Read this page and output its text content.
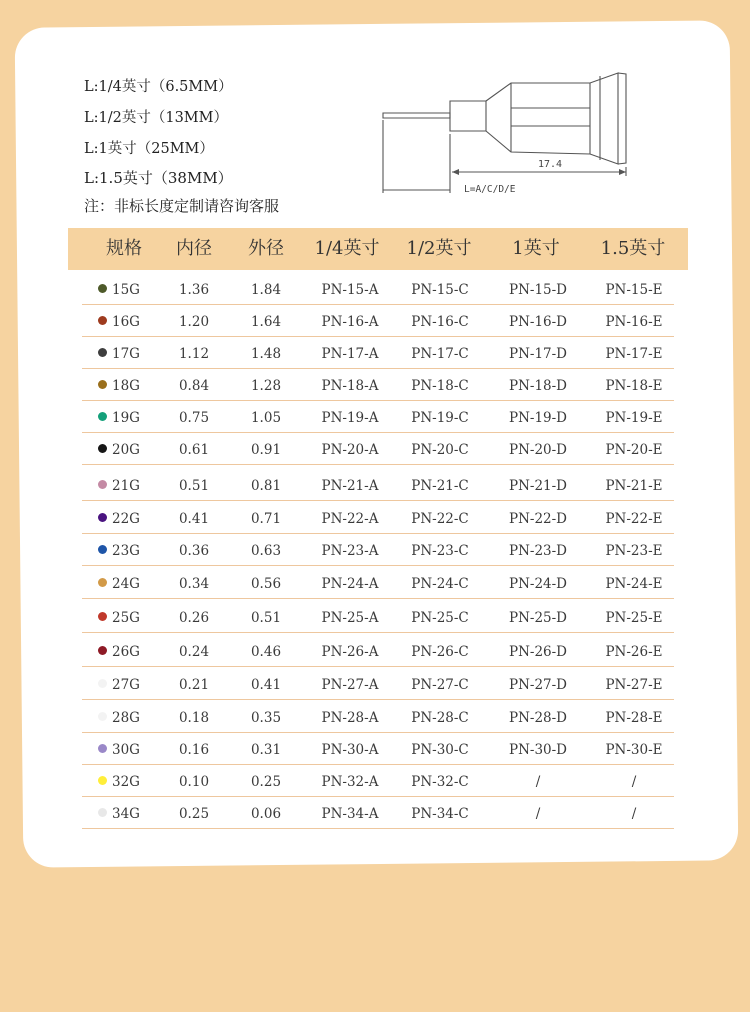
L:1/4英寸（6.5MM）
L:1/2英寸（13MM）
L:1英寸（25MM）
L:1.5英寸（38MM）
注：非标长度定制请咨询客服
17.4
L=A/C/D/E
规格	内径	外径	1/4英寸	1/2英寸	1英寸	1.5英寸
15G	1.36	1.84	PN-15-A	PN-15-C	PN-15-D	PN-15-E
16G	1.20	1.64	PN-16-A	PN-16-C	PN-16-D	PN-16-E
17G	1.12	1.48	PN-17-A	PN-17-C	PN-17-D	PN-17-E
18G	0.84	1.28	PN-18-A	PN-18-C	PN-18-D	PN-18-E
19G	0.75	1.05	PN-19-A	PN-19-C	PN-19-D	PN-19-E
20G	0.61	0.91	PN-20-A	PN-20-C	PN-20-D	PN-20-E
21G	0.51	0.81	PN-21-A	PN-21-C	PN-21-D	PN-21-E
22G	0.41	0.71	PN-22-A	PN-22-C	PN-22-D	PN-22-E
23G	0.36	0.63	PN-23-A	PN-23-C	PN-23-D	PN-23-E
24G	0.34	0.56	PN-24-A	PN-24-C	PN-24-D	PN-24-E
25G	0.26	0.51	PN-25-A	PN-25-C	PN-25-D	PN-25-E
26G	0.24	0.46	PN-26-A	PN-26-C	PN-26-D	PN-26-E
27G	0.21	0.41	PN-27-A	PN-27-C	PN-27-D	PN-27-E
28G	0.18	0.35	PN-28-A	PN-28-C	PN-28-D	PN-28-E
30G	0.16	0.31	PN-30-A	PN-30-C	PN-30-D	PN-30-E
32G	0.10	0.25	PN-32-A	PN-32-C	/	/
34G	0.25	0.06	PN-34-A	PN-34-C	/	/
